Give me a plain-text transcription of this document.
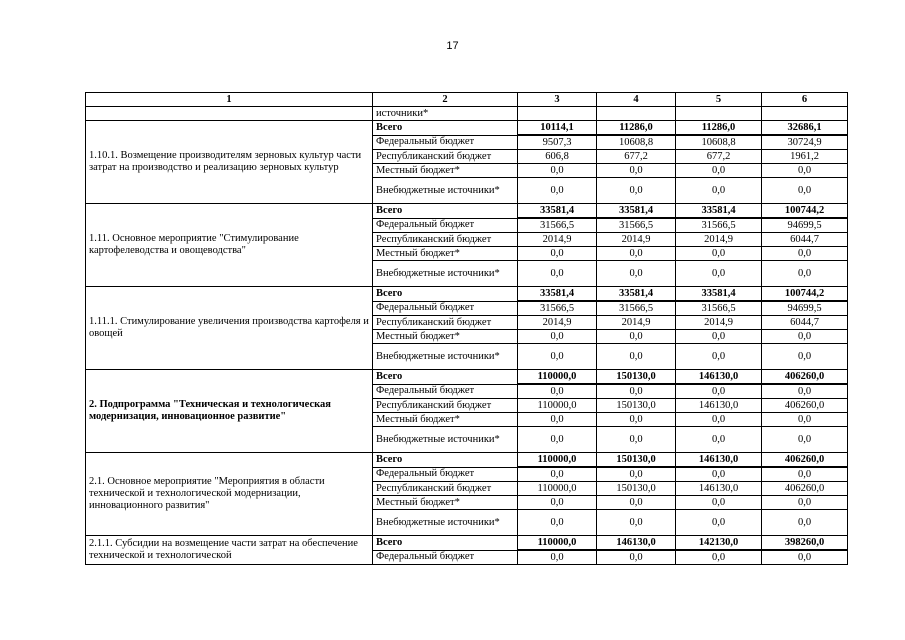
17
1	2	3	4	5	6
	источники*				
1.10.1. Возмещение производителям зерновых культур части затрат на производство и реализацию зерновых культур	Всего	10114,1	11286,0	11286,0	32686,1
	Федеральный бюджет	9507,3	10608,8	10608,8	30724,9
	Республиканский бюджет	606,8	677,2	677,2	1961,2
	Местный бюджет*	0,0	0,0	0,0	0,0
	Внебюджетные источники*	0,0	0,0	0,0	0,0
1.11. Основное мероприятие "Стимулирование картофелеводства и овощеводства"	Всего	33581,4	33581,4	33581,4	100744,2
	Федеральный бюджет	31566,5	31566,5	31566,5	94699,5
	Республиканский бюджет	2014,9	2014,9	2014,9	6044,7
	Местный бюджет*	0,0	0,0	0,0	0,0
	Внебюджетные источники*	0,0	0,0	0,0	0,0
1.11.1. Стимулирование увеличения производства картофеля и овощей	Всего	33581,4	33581,4	33581,4	100744,2
	Федеральный бюджет	31566,5	31566,5	31566,5	94699,5
	Республиканский бюджет	2014,9	2014,9	2014,9	6044,7
	Местный бюджет*	0,0	0,0	0,0	0,0
	Внебюджетные источники*	0,0	0,0	0,0	0,0
2. Подпрограмма "Техническая и технологическая модернизация, инновационное развитие"	Всего	110000,0	150130,0	146130,0	406260,0
	Федеральный бюджет	0,0	0,0	0,0	0,0
	Республиканский бюджет	110000,0	150130,0	146130,0	406260,0
	Местный бюджет*	0,0	0,0	0,0	0,0
	Внебюджетные источники*	0,0	0,0	0,0	0,0
2.1. Основное мероприятие "Мероприятия в области технической и технологической модернизации, инновационного развития"	Всего	110000,0	150130,0	146130,0	406260,0
	Федеральный бюджет	0,0	0,0	0,0	0,0
	Республиканский бюджет	110000,0	150130,0	146130,0	406260,0
	Местный бюджет*	0,0	0,0	0,0	0,0
	Внебюджетные источники*	0,0	0,0	0,0	0,0
2.1.1. Субсидии на возмещение части затрат на обеспечение технической и технологической	Всего	110000,0	146130,0	142130,0	398260,0
	Федеральный бюджет	0,0	0,0	0,0	0,0
